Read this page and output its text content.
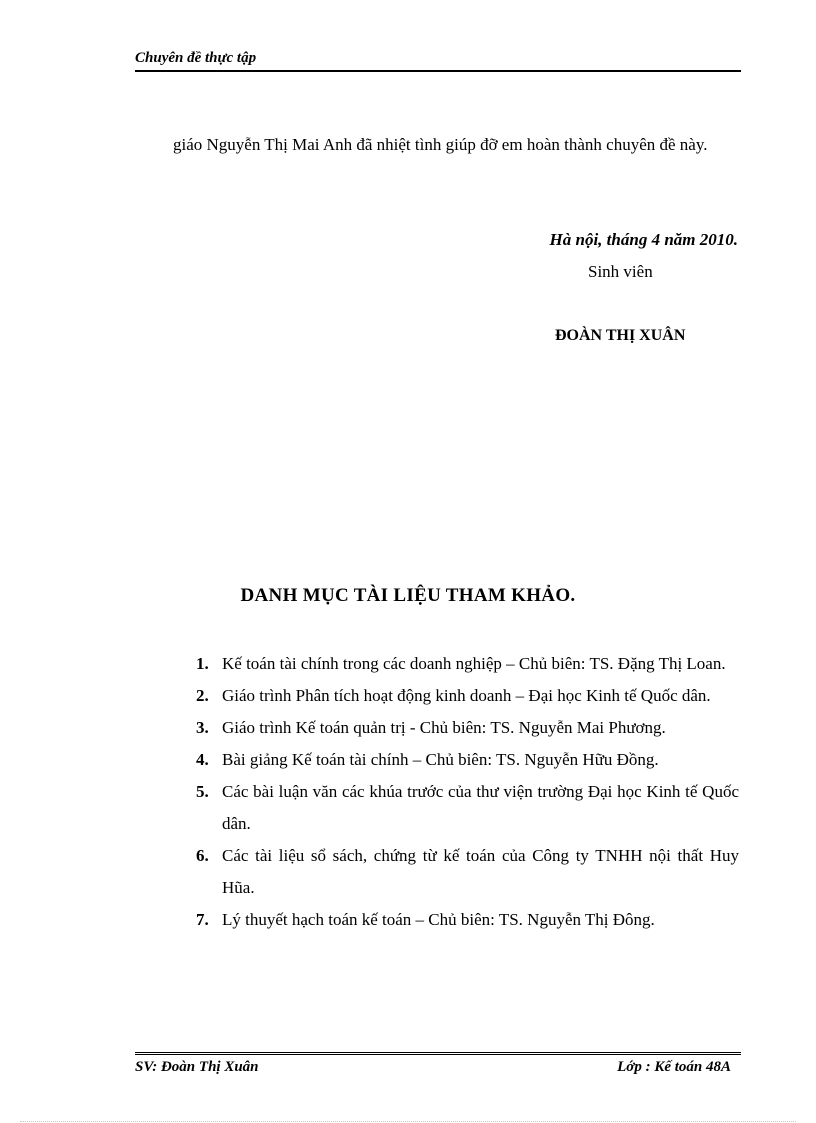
Chuyên đề thực tập

giáo Nguyễn Thị Mai Anh đã nhiệt tình giúp đỡ em hoàn thành chuyên đề này.

Hà nội, tháng 4 năm 2010.
Sinh viên
ĐOÀN THỊ XUÂN
DANH MỤC TÀI LIỆU THAM KHẢO.
1. Kế toán tài chính trong các doanh nghiệp – Chủ biên: TS. Đặng Thị Loan.
2. Giáo trình Phân tích hoạt động kinh doanh – Đại học Kinh tế Quốc dân.
3. Giáo trình Kế toán quản trị - Chủ biên: TS. Nguyễn Mai Phương.
4. Bài giảng Kế toán tài chính – Chủ biên: TS. Nguyễn Hữu Đồng.
5. Các bài luận văn các khúa trước của thư viện trường Đại học Kinh tế Quốc dân.
6. Các tài liệu sổ sách, chứng từ kế toán của Công ty TNHH nội thất Huy Hũa.
7. Lý thuyết hạch toán kế toán – Chủ biên: TS. Nguyễn Thị Đông.
SV: Đoàn Thị Xuân	Lớp : Kế toán 48A
